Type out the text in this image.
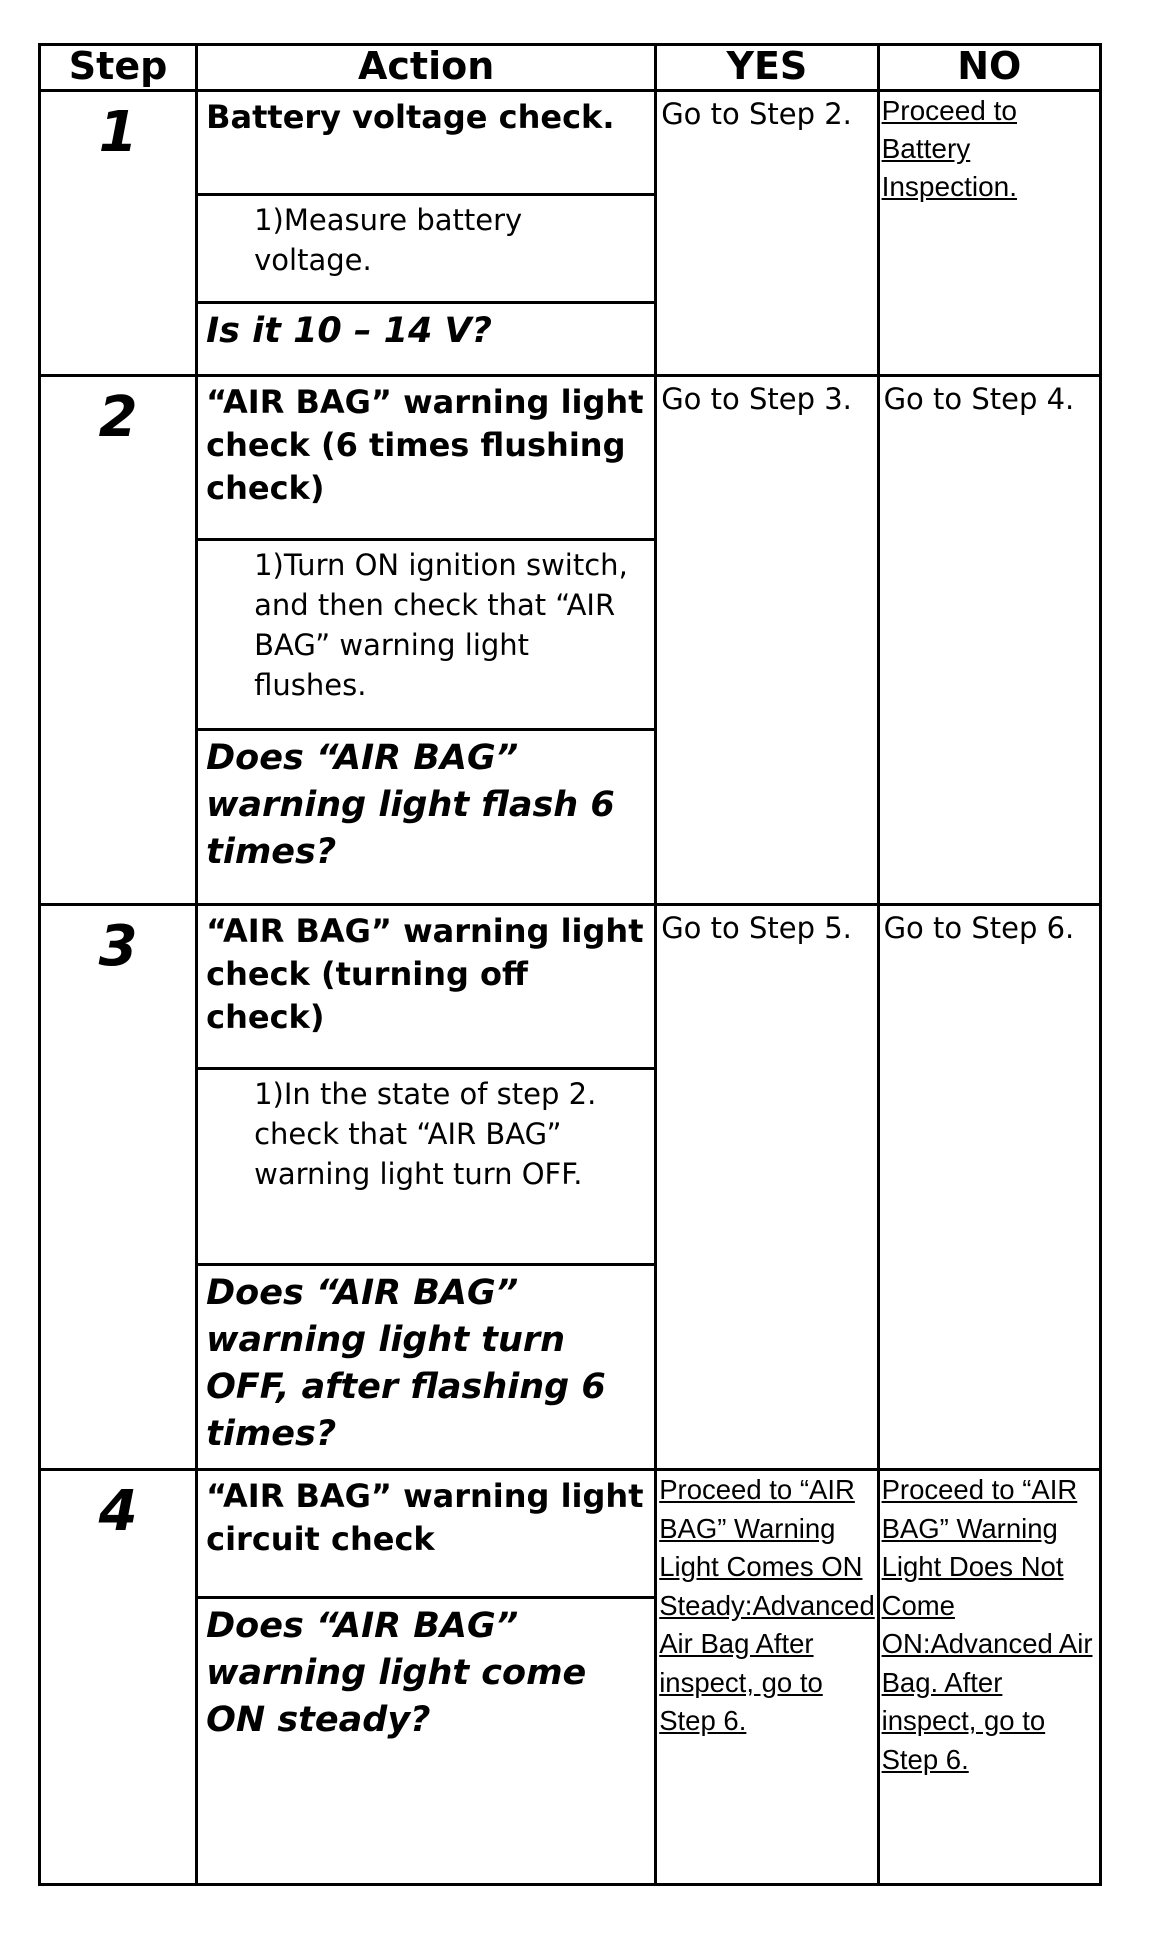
Step	Action	YES	NO

1	Battery voltage check.
1)Measure battery voltage.
Is it 10 – 14 V?	Go to Step 2.	Proceed to Battery Inspection.

2	“AIR BAG” warning light check (6 times flushing check)
1)Turn ON ignition switch, and then check that “AIR BAG” warning light flushes.
Does “AIR BAG” warning light flash 6 times?	Go to Step 3.	Go to Step 4.

3	“AIR BAG” warning light check (turning off check)
1)In the state of step 2. check that “AIR BAG” warning light turn OFF.
Does “AIR BAG” warning light turn OFF, after flashing 6 times?	Go to Step 5.	Go to Step 6.

4	“AIR BAG” warning light circuit check
Does “AIR BAG” warning light come ON steady?	Proceed to “AIR BAG” Warning Light Comes ON Steady:Advanced Air Bag After inspect, go to Step 6.	Proceed to “AIR BAG” Warning Light Does Not Come ON:Advanced Air Bag. After inspect, go to Step 6.
